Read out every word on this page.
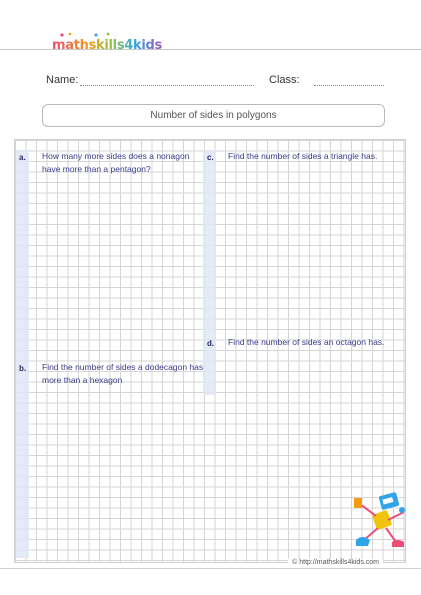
mathskills4kids
Name:	Class:
Number of sides in polygons
a. How many more sides does a nonagon have more than a pentagon?
c. Find the number of sides a triangle has.
d. Find the number of sides an octagon has.
b. Find the number of sides a dodecagon has more than a hexagon
© http://mathskills4kids.com
